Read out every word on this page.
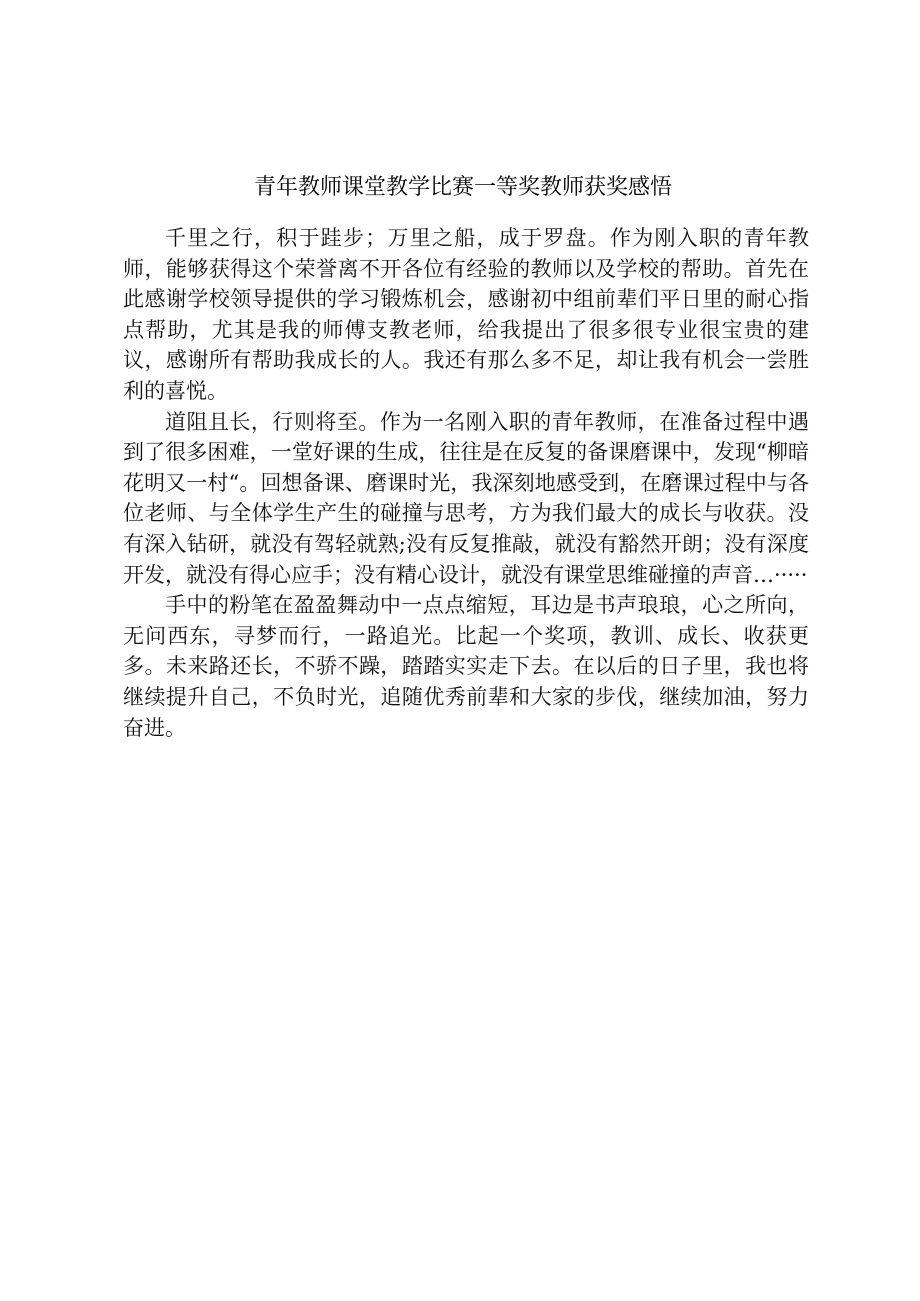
青年教师课堂教学比赛一等奖教师获奖感悟

千里之行，积于跬步；万里之船，成于罗盘。作为刚入职的青年教师，能够获得这个荣誉离不开各位有经验的教师以及学校的帮助。首先在此感谢学校领导提供的学习锻炼机会，感谢初中组前辈们平日里的耐心指点帮助，尤其是我的师傅支教老师，给我提出了很多很专业很宝贵的建议，感谢所有帮助我成长的人。我还有那么多不足，却让我有机会一尝胜利的喜悦。

道阻且长，行则将至。作为一名刚入职的青年教师，在准备过程中遇到了很多困难，一堂好课的生成，往往是在反复的备课磨课中，发现“柳暗花明又一村“。回想备课、磨课时光，我深刻地感受到，在磨课过程中与各位老师、与全体学生产生的碰撞与思考，方为我们最大的成长与收获。没有深入钻研，就没有驾轻就熟;没有反复推敲，就没有豁然开朗；没有深度开发，就没有得心应手；没有精心设计，就没有课堂思维碰撞的声音…·····

手中的粉笔在盈盈舞动中一点点缩短，耳边是书声琅琅，心之所向，无问西东，寻梦而行，一路追光。比起一个奖项，教训、成长、收获更多。未来路还长，不骄不躁，踏踏实实走下去。在以后的日子里，我也将继续提升自己，不负时光，追随优秀前辈和大家的步伐，继续加油，努力奋进。
